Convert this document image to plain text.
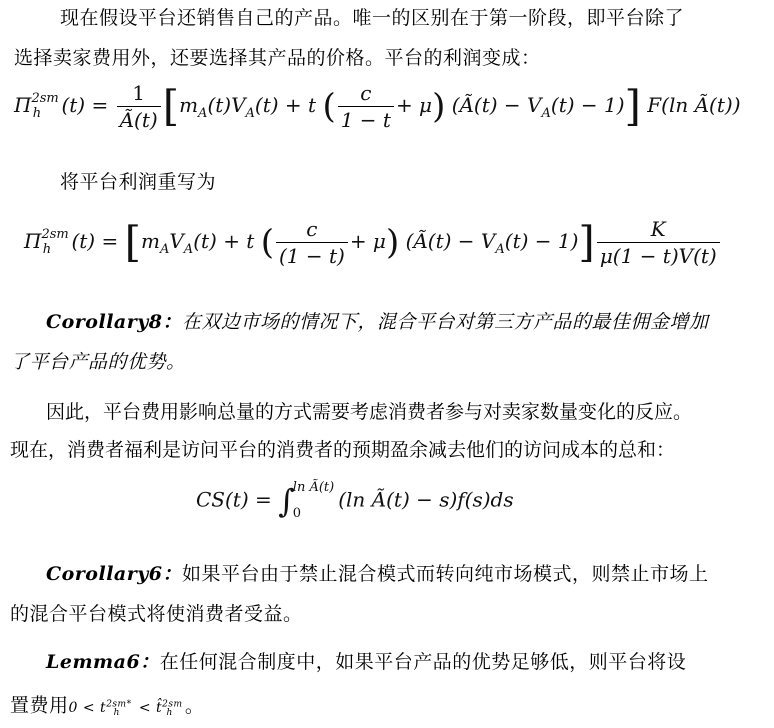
现在假设平台还销售自己的产品。唯一的区别在于第一阶段，即平台除了
选择卖家费用外，还要选择其产品的价格。平台的利润变成：
$\Pi^{2sm}_h$ $(t) = \frac{1}{Ã(t)} [m_A(t)V_A(t) + t$ ( $\frac{c}{1 - t} + \mu$) (Ã(t) − $V_A(t) - 1$)] F(ln Ã(t))
将平台利润重写为
$\Pi^{2sm}_h$ $(t) = [m_AV_A(t) + t$ ( $\frac{c}{(1 - t)} + \mu$) (Ã(t) − $V_A(t) - 1)] \frac{K}{\mu(1 - t)V(t)}$
Corollary8：在双边市场的情况下，混合平台对第三方产品的最佳佣金增加
了平台产品的优势。
因此，平台费用影响总量的方式需要考虑消费者参与对卖家数量变化的反应。
现在，消费者福利是访问平台的消费者的预期盈余减去他们的访问成本的总和：
CS(t) = ∫
ln Ã(t)
0
(ln Ã(t) − s)f(s)ds
Corollary6：如果平台由于禁止混合模式而转向纯市场模式，则禁止市场上
的混合平台模式将使消费者受益。
Lemma6：在任何混合制度中，如果平台产品的优势足够低，则平台将设
置费用$0 < t^{2sm*}_h$ < t̂$^{2sm}_h$ 。
